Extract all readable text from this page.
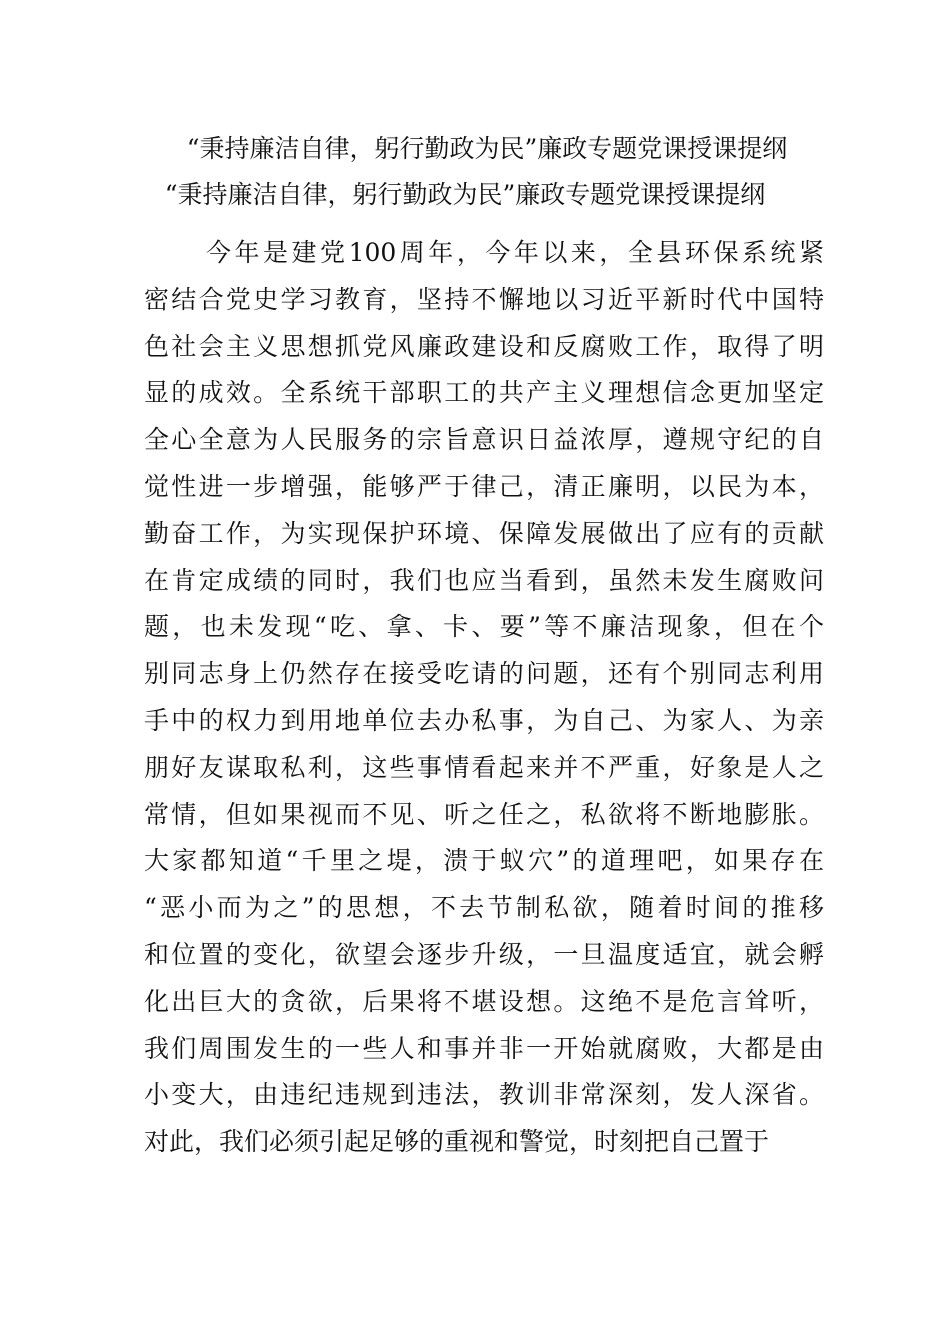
“秉持廉洁自律，躬行勤政为民”廉政专题党课授课提纲
“秉持廉洁自律，躬行勤政为民”廉政专题党课授课提纲
今年是建党100周年，今年以来，全县环保系统紧
密结合党史学习教育，坚持不懈地以习近平新时代中国特
色社会主义思想抓党风廉政建设和反腐败工作，取得了明
显的成效。全系统干部职工的共产主义理想信念更加坚定
全心全意为人民服务的宗旨意识日益浓厚，遵规守纪的自
觉性进一步增强，能够严于律己，清正廉明，以民为本，
勤奋工作，为实现保护环境、保障发展做出了应有的贡献
在肯定成绩的同时，我们也应当看到，虽然未发生腐败问
题，也未发现“吃、拿、卡、要”等不廉洁现象，但在个
别同志身上仍然存在接受吃请的问题，还有个别同志利用
手中的权力到用地单位去办私事，为自己、为家人、为亲
朋好友谋取私利，这些事情看起来并不严重，好象是人之
常情，但如果视而不见、听之任之，私欲将不断地膨胀。
大家都知道“千里之堤，溃于蚁穴”的道理吧，如果存在
“恶小而为之”的思想，不去节制私欲，随着时间的推移
和位置的变化，欲望会逐步升级，一旦温度适宜，就会孵
化出巨大的贪欲，后果将不堪设想。这绝不是危言耸听，
我们周围发生的一些人和事并非一开始就腐败，大都是由
小变大，由违纪违规到违法，教训非常深刻，发人深省。
对此，我们必须引起足够的重视和警觉，时刻把自己置于
